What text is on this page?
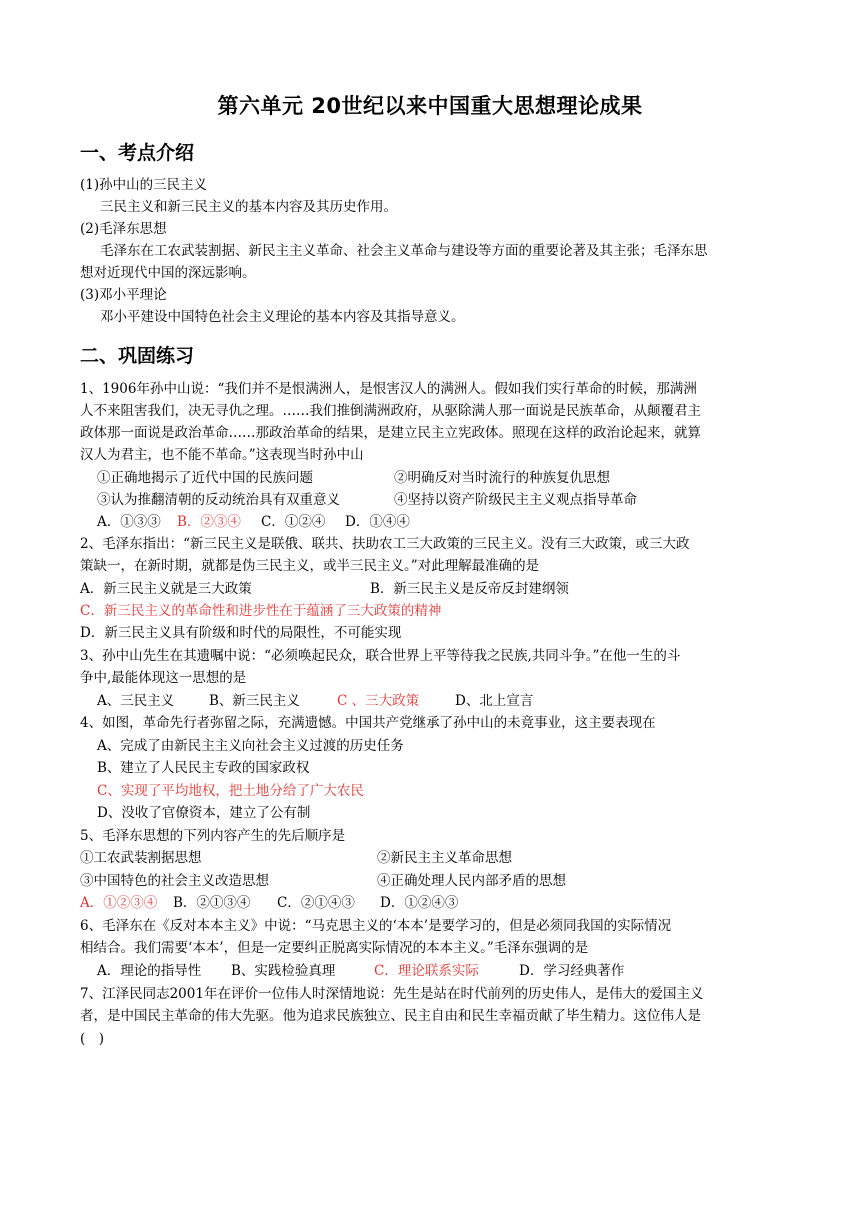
第六单元 20世纪以来中国重大思想理论成果
一、考点介绍
(1)孙中山的三民主义
三民主义和新三民主义的基本内容及其历史作用。
(2)毛泽东思想
毛泽东在工农武装割据、新民主主义革命、社会主义革命与建设等方面的重要论著及其主张；毛泽东思
想对近现代中国的深远影响。
(3)邓小平理论
邓小平建设中国特色社会主义理论的基本内容及其指导意义。
二、巩固练习
1、1906年孙中山说：“我们并不是恨满洲人，是恨害汉人的满洲人。假如我们实行革命的时候，那满洲
人不来阻害我们，决无寻仇之理。……我们推倒满洲政府，从驱除满人那一面说是民族革命，从颠覆君主
政体那一面说是政治革命……那政治革命的结果，是建立民主立宪政体。照现在这样的政治论起来，就算
汉人为君主，也不能不革命。”这表现当时孙中山
①正确地揭示了近代中国的民族问题	②明确反对当时流行的种族复仇思想
③认为推翻清朝的反动统治具有双重意义	④坚持以资产阶级民主主义观点指导革命
A．①③③ B．②③④ C．①②④ D．①④④
2、毛泽东指出：“新三民主义是联俄、联共、扶助农工三大政策的三民主义。没有三大政策，或三大政
策缺一，在新时期，就都是伪三民主义，或半三民主义。”对此理解最准确的是
A．新三民主义就是三大政策	B．新三民主义是反帝反封建纲领
C．新三民主义的革命性和进步性在于蕴涵了三大政策的精神
D．新三民主义具有阶级和时代的局限性，不可能实现
3、孙中山先生在其遗嘱中说：“必须唤起民众，联合世界上平等待我之民族,共同斗争。”在他一生的斗
争中,最能体现这一思想的是
A、三民主义	B、新三民主义	C 、三大政策	D、北上宣言
4、如图，革命先行者弥留之际，充满遗憾。中国共产党继承了孙中山的未竟事业，这主要表现在
A、完成了由新民主主义向社会主义过渡的历史任务
B、建立了人民民主专政的国家政权
C、实现了平均地权，把土地分给了广大农民
D、没收了官僚资本，建立了公有制
5、毛泽东思想的下列内容产生的先后顺序是
①工农武装割据思想	②新民主主义革命思想
③中国特色的社会主义改造思想	④正确处理人民内部矛盾的思想
A．①②③④ B．②①③④ C．②①④③ D．①②④③
6、毛泽东在《反对本本主义》中说：“马克思主义的‘本本’是要学习的，但是必须同我国的实际情况
相结合。我们需要‘本本’，但是一定要纠正脱离实际情况的本本主义。”毛泽东强调的是
A．理论的指导性 B、实践检验真理	C．理论联系实际	D．学习经典著作
7、江泽民同志2001年在评价一位伟人时深情地说：先生是站在时代前列的历史伟人，是伟大的爱国主义
者，是中国民主革命的伟大先驱。他为追求民族独立、民主自由和民生幸福贡献了毕生精力。这位伟人是
(　)
